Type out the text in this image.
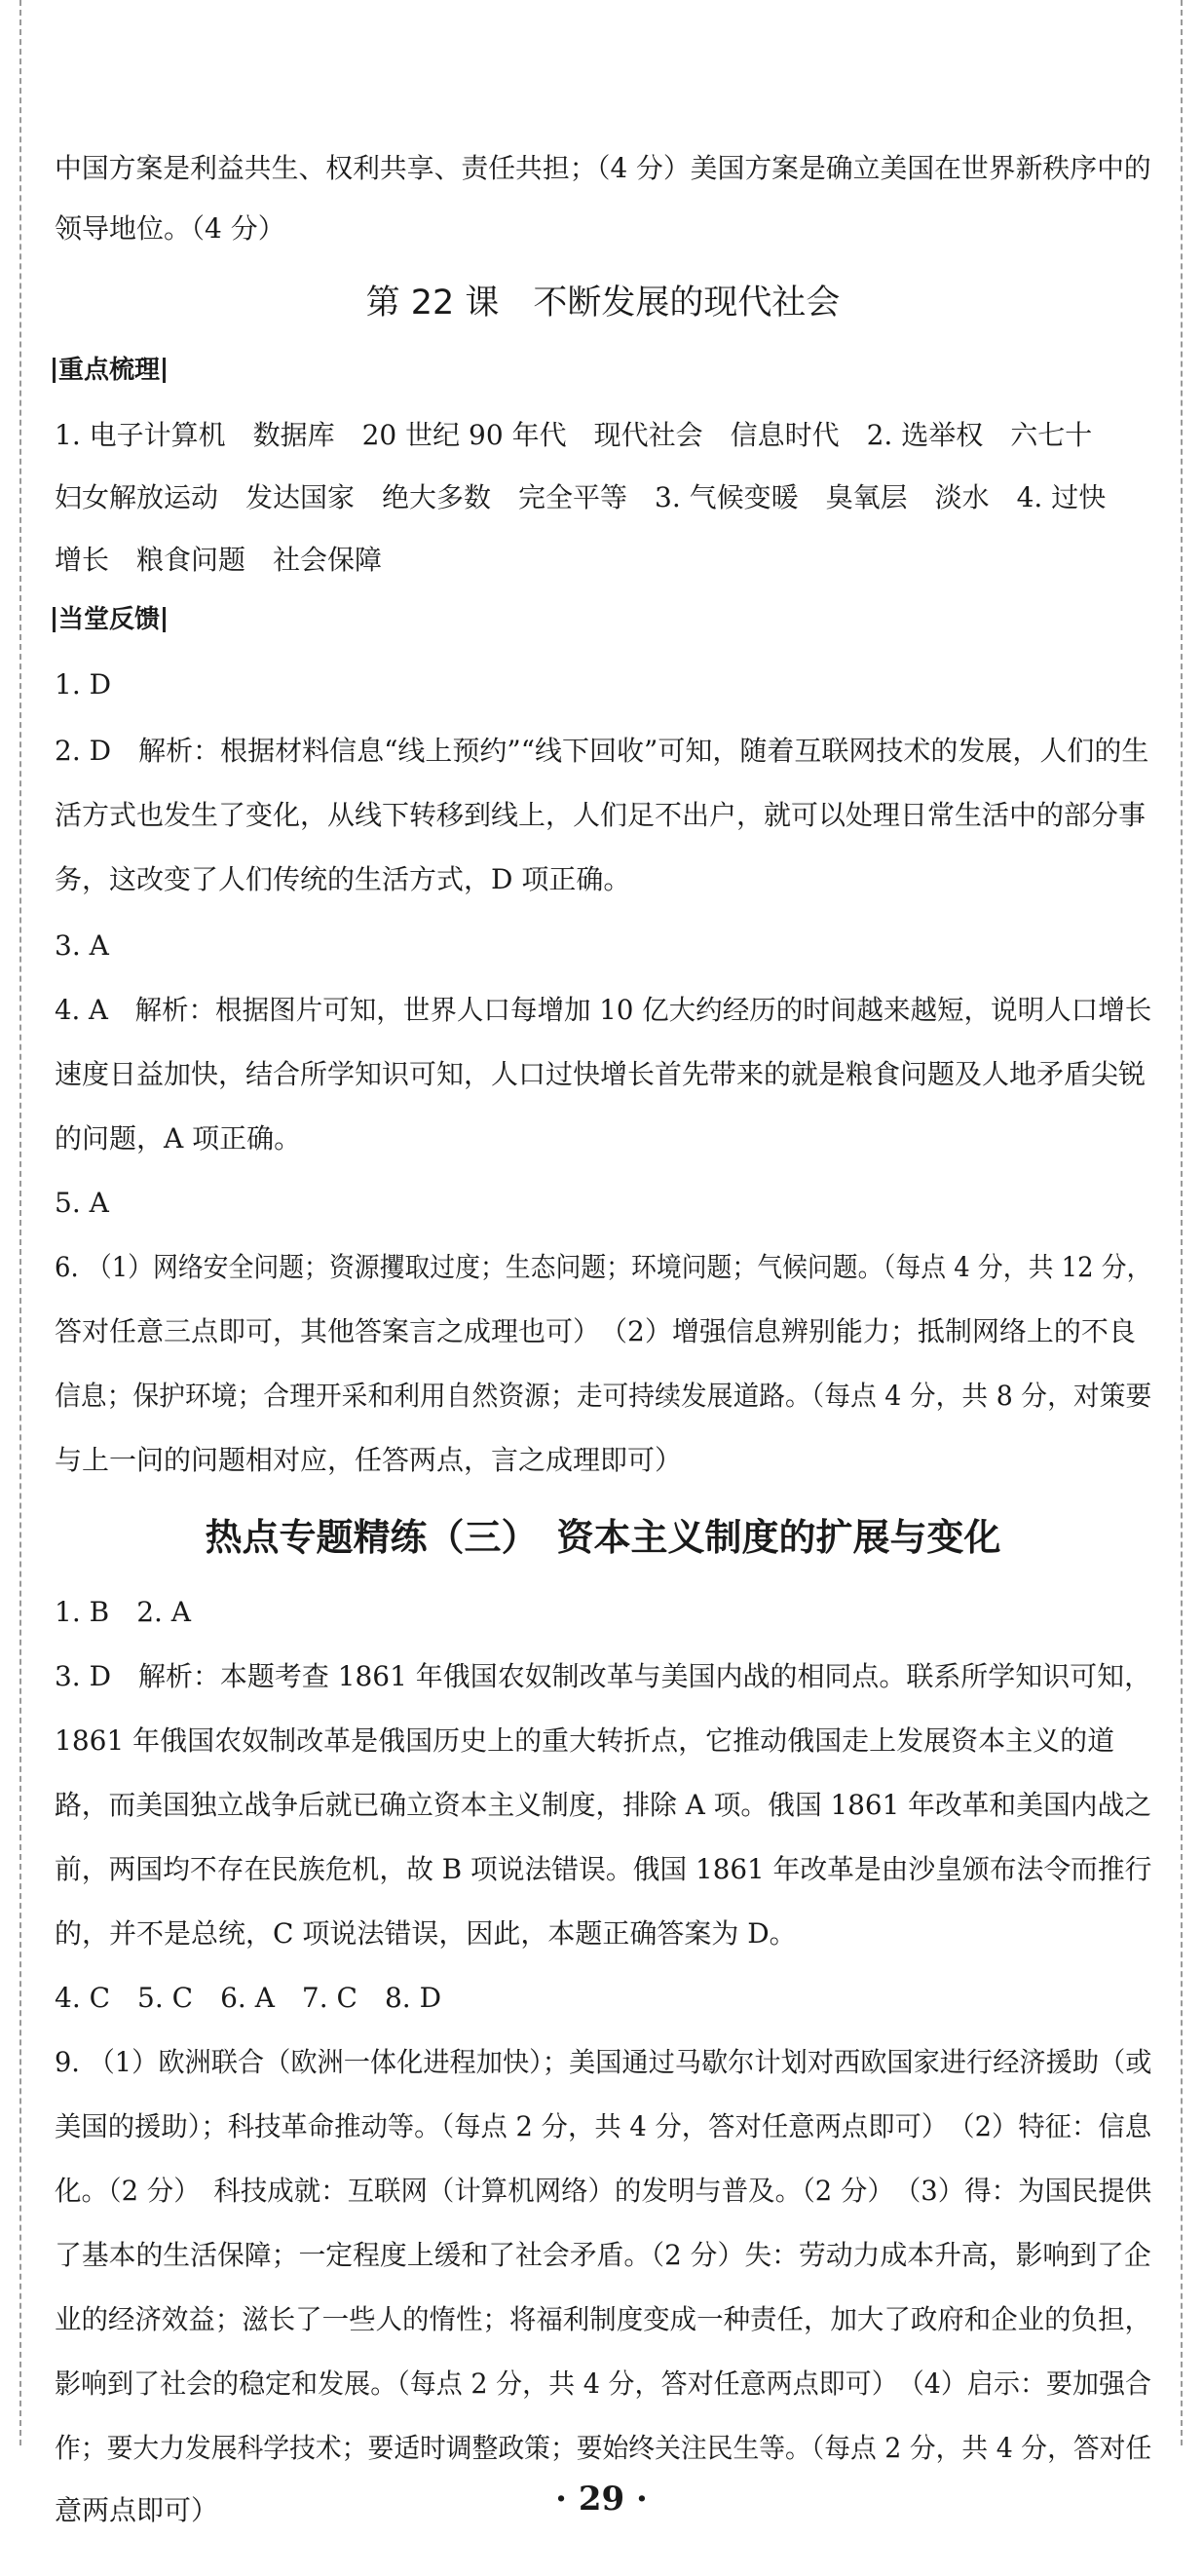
中国方案是利益共生、权利共享、责任共担；（4 分）美国方案是确立美国在世界新秩序中的
领导地位。（4 分）
第 22 课　不断发展的现代社会
重点梳理
1. 电子计算机　数据库　20 世纪 90 年代　现代社会　信息时代　2. 选举权　六七十
妇女解放运动　发达国家　绝大多数　完全平等　3. 气候变暖　臭氧层　淡水　4. 过快
增长　粮食问题　社会保障
当堂反馈
1. D
2. D　解析：根据材料信息“线上预约”“线下回收”可知，随着互联网技术的发展，人们的生
活方式也发生了变化，从线下转移到线上，人们足不出户，就可以处理日常生活中的部分事
务，这改变了人们传统的生活方式，D 项正确。
3. A
4. A　解析：根据图片可知，世界人口每增加 10 亿大约经历的时间越来越短，说明人口增长
速度日益加快，结合所学知识可知，人口过快增长首先带来的就是粮食问题及人地矛盾尖锐
的问题，A 项正确。
5. A
6. （1）网络安全问题；资源攫取过度；生态问题；环境问题；气候问题。（每点 4 分，共 12 分，
答对任意三点即可，其他答案言之成理也可）　（2）增强信息辨别能力；抵制网络上的不良
信息；保护环境；合理开采和利用自然资源；走可持续发展道路。（每点 4 分，共 8 分，对策要
与上一问的问题相对应，任答两点，言之成理即可）
热点专题精练（三）　资本主义制度的扩展与变化
1. B　2. A
3. D　解析：本题考查 1861 年俄国农奴制改革与美国内战的相同点。联系所学知识可知，
1861 年俄国农奴制改革是俄国历史上的重大转折点，它推动俄国走上发展资本主义的道
路，而美国独立战争后就已确立资本主义制度，排除 A 项。俄国 1861 年改革和美国内战之
前，两国均不存在民族危机，故 B 项说法错误。俄国 1861 年改革是由沙皇颁布法令而推行
的，并不是总统，C 项说法错误，因此，本题正确答案为 D。
4. C　5. C　6. A　7. C　8. D
9. （1）欧洲联合（欧洲一体化进程加快）；美国通过马歇尔计划对西欧国家进行经济援助（或
美国的援助）；科技革命推动等。（每点 2 分，共 4 分，答对任意两点即可）　（2）特征：信息
化。（2 分）　科技成就：互联网（计算机网络）的发明与普及。（2 分）　（3）得：为国民提供
了基本的生活保障；一定程度上缓和了社会矛盾。（2 分）失：劳动力成本升高，影响到了企
业的经济效益；滋长了一些人的惰性；将福利制度变成一种责任，加大了政府和企业的负担，
影响到了社会的稳定和发展。（每点 2 分，共 4 分，答对任意两点即可）　（4）启示：要加强合
作；要大力发展科学技术；要适时调整政策；要始终关注民生等。（每点 2 分，共 4 分，答对任
意两点即可）	· 29 ·
